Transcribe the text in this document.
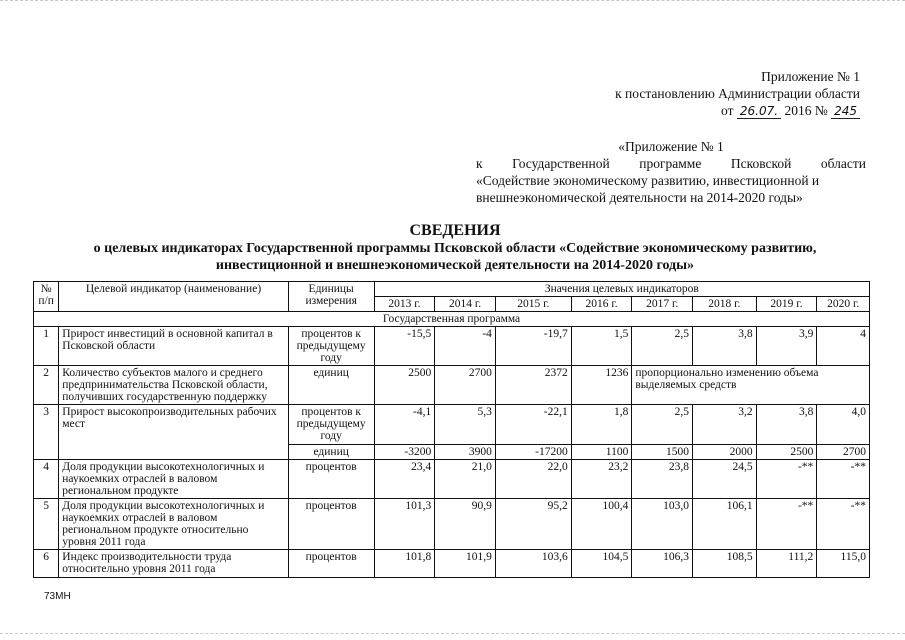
Приложение № 1
к постановлению Администрации области
от 26.07. 2016 № 245
«Приложение № 1
к Государственной программе Псковской области
«Содействие экономическому развитию, инвестиционной и
внешнеэкономической деятельности на 2014-2020 годы»
СВЕДЕНИЯ
о целевых индикаторах Государственной программы Псковской области «Содействие экономическому развитию,
инвестиционной и внешнеэкономической деятельности на 2014-2020 годы»
№ п/п	Целевой индикатор (наименование)	Единицы измерения	Значения целевых индикаторов							
			2013 г.	2014 г.	2015 г.	2016 г.	2017 г.	2018 г.	2019 г.	2020 г.
Государственная программа										
1	Прирост инвестиций в основной капитал в Псковской области	процентов к предыдущему году	-15,5	-4	-19,7	1,5	2,5	3,8	3,9	4
2	Количество субъектов малого и среднего предпринимательства Псковской области, получивших государственную поддержку	единиц	2500	2700	2372	1236	пропорционально изменению объема выделяемых средств			
3	Прирост высокопроизводительных рабочих мест	процентов к предыдущему году	-4,1	5,3	-22,1	1,8	2,5	3,2	3,8	4,0
		единиц	-3200	3900	-17200	1100	1500	2000	2500	2700
4	Доля продукции высокотехнологичных и наукоемких отраслей в валовом региональном продукте	процентов	23,4	21,0	22,0	23,2	23,8	24,5	-**	-**
5	Доля продукции высокотехнологичных и наукоемких отраслей в валовом региональном продукте относительно уровня 2011 года	процентов	101,3	90,9	95,2	100,4	103,0	106,1	-**	-**
6	Индекс производительности труда относительно уровня 2011 года	процентов	101,8	101,9	103,6	104,5	106,3	108,5	111,2	115,0
73МН
